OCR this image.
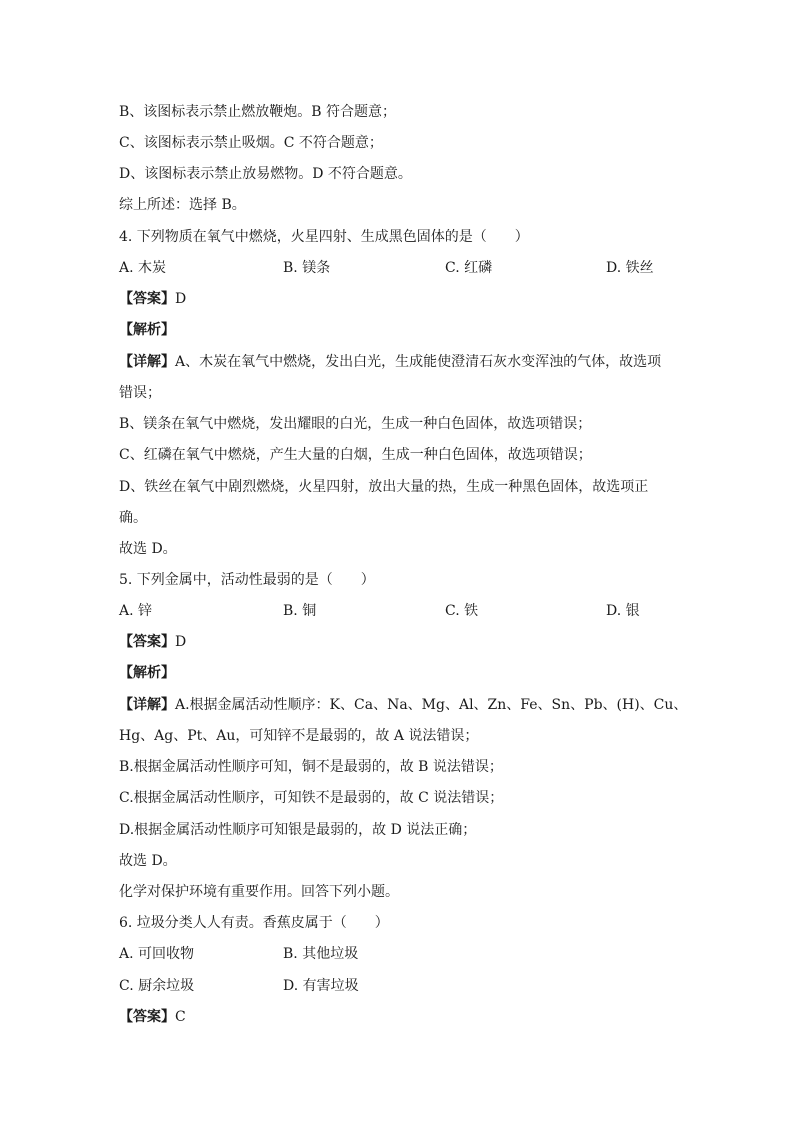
B、该图标表示禁止燃放鞭炮。B 符合题意；
C、该图标表示禁止吸烟。C 不符合题意；
D、该图标表示禁止放易燃物。D 不符合题意。
综上所述：选择 B。
4. 下列物质在氧气中燃烧，火星四射、生成黑色固体的是（　　）
A. 木炭	B. 镁条	C. 红磷	D. 铁丝
【答案】D
【解析】
【详解】A、木炭在氧气中燃烧，发出白光，生成能使澄清石灰水变浑浊的气体，故选项
错误；
B、镁条在氧气中燃烧，发出耀眼的白光，生成一种白色固体，故选项错误；
C、红磷在氧气中燃烧，产生大量的白烟，生成一种白色固体，故选项错误；
D、铁丝在氧气中剧烈燃烧，火星四射，放出大量的热，生成一种黑色固体，故选项正
确。
故选 D。
5. 下列金属中，活动性最弱的是（　　）
A. 锌	B. 铜	C. 铁	D. 银
【答案】D
【解析】
【详解】A.根据金属活动性顺序：K、Ca、Na、Mg、Al、Zn、Fe、Sn、Pb、(H)、Cu、
Hg、Ag、Pt、Au，可知锌不是最弱的，故 A 说法错误；
B.根据金属活动性顺序可知，铜不是最弱的，故 B 说法错误；
C.根据金属活动性顺序，可知铁不是最弱的，故 C 说法错误；
D.根据金属活动性顺序可知银是最弱的，故 D 说法正确；
故选 D。
化学对保护环境有重要作用。回答下列小题。
6. 垃圾分类人人有责。香蕉皮属于（　　）
A. 可回收物	B. 其他垃圾
C. 厨余垃圾	D. 有害垃圾
【答案】C
